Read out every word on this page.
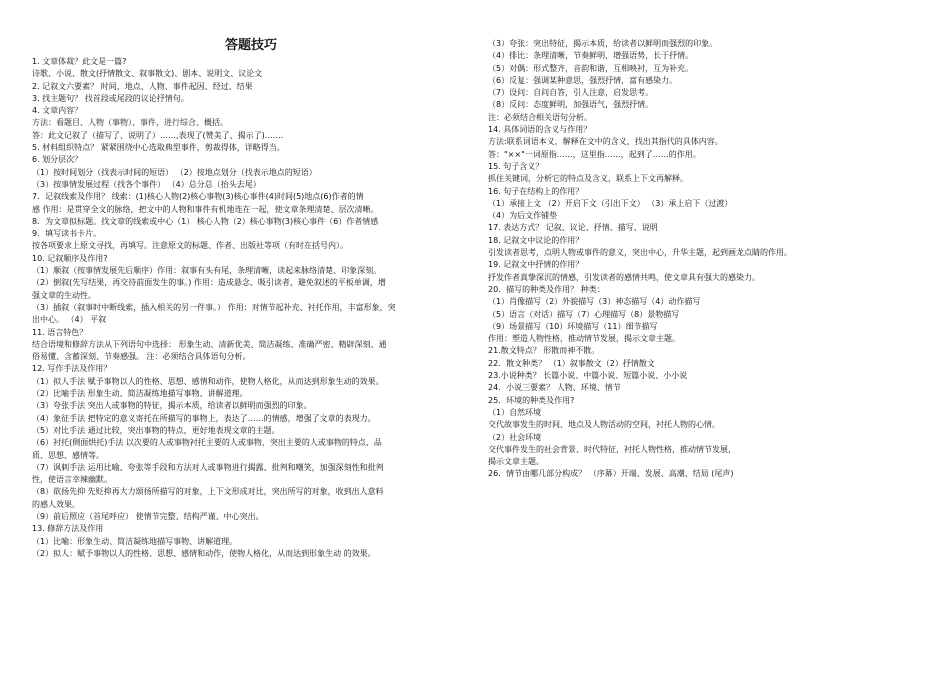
答题技巧
1. 文章体裁？此文是一篇?
诗歌、小说、散文(抒情散文、叙事散文)、剧本、说明文、议论文
2. 记叙文六要素？ 时间、地点、人物、事件起因、经过、结果
3. 找主题句？ 找首段或尾段的议论抒情句。
4. 文章内容？
方法：看题目、人物（事物）、事件，进行综合、概括。
答：此文记叙了（描写了、说明了）……,表现了(赞美了、揭示了)…….
5. 材料组织特点？ 紧紧围绕中心选取典型事件，剪裁得体，详略得当。
6. 划分层次？
（1）按时间划分（找表示时间的短语） （2）按地点划分（找表示地点的短语）
（3）按事情发展过程（找各个事件） （4）总分总（抬头去尾）
7．记叙线索及作用？ 线索：(1)核心人物(2)核心事物(3)核心事件(4)时间(5)地点(6)作者的情
感 作用：是贯穿全文的脉络，把文中的人物和事件有机地连在一起，使文章条理清楚、层次清晰。
8．为文章拟标题。找文章的线索或中心（1） 核心人物（2）核心事物(3)核心事件（6）作者情感
9．填写读书卡片。
按各项要求上原文寻找，再填写。注意原文的标题、作者、出版社等项（有时在括号内）。
10. 记叙顺序及作用?
（1）顺叙（按事情发展先后顺序）作用：叙事有头有尾，条理清晰，读起来脉络清楚、印象深刻。
（2）倒叙(先写结果，再交待前面发生的事。) 作用：造成悬念、吸引读者，避免叙述的平板单调，增
强文章的生动性。
（3）插叙（叙事时中断线索，插入相关的另一件事。） 作用：对情节起补充、衬托作用，丰富形象，突
出中心。 （4） 平叙
11. 语言特色？
结合语境和修辞方法从下列语句中选择： 形象生动、清新优美、简洁凝练、准确严密、精辟深刻、通
俗易懂、含蓄深刻、节奏感强。 注：必须结合具体语句分析。
12. 写作手法及作用？
（1）拟人手法 赋予事物以人的性格、思想、感情和动作，使物人格化，从而达到形象生动的效果。
（2）比喻手法 形象生动、简洁凝练地描写事物、讲解道理。
（3）夸张手法 突出人或事物的特征，揭示本质，给读者以鲜明而强烈的印象。
（4）象征手法 把特定的意义寄托在所描写的事物上，表达了……的情感，增强了文章的表现力。
（5）对比手法 通过比较，突出事物的特点，更好地表现文章的主题。
（6）衬托(侧面烘托)手法 以次要的人或事物衬托主要的人或事物，突出主要的人或事物的特点、品
质、思想、感情等。
（7）讽刺手法 运用比喻、夸张等手段和方法对人或事物进行揭露、批判和嘲笑，加强深刻性和批判
性，使语言幸辣幽默。
（8）欲扬先抑 先贬抑再大力颂扬所描写的对象，上下文形成对比，突出所写的对象，收到出人意料
的感人效果。
（9）前后照应（首尾呼应） 使情节完整、结构严谨、中心突出。
13. 修辞方法及作用
（1）比喻：形象生动、简洁凝练地描写事物、讲解道理。
（2）拟人：赋予事物以人的性格、思想、感情和动作，使物人格化，从而达到形象生动 的效果。
（3）夸张：突出特征，揭示本质，给读者以鲜明而强烈的印象。
（4）排比：条理清晰，节奏鲜明，增强语势，长于抒情。
（5）对偶：形式整齐，音韵和谐，互相映衬，互为补充。
（6）反复：强调某种意思，强烈抒情，富有感染力。
（7）设问：自问自答，引人注意，启发思考。
（8）反问：态度鲜明，加强语气，强烈抒情。
注：必须结合相关语句分析。
14. 具体词语的含义与作用？
方法:联系词语本义，解释在文中的含义，找出其指代的具体内容。
答："××"一词原指……，这里指……，起到了……的作用。
15. 句子含义？
抓住关键词，分析它的特点及含义，联系上下文再解释。
16. 句子在结构上的作用？
（1）承接上文 （2）开启下文（引出下文） （3）承上启下（过渡）
（4）为后文作铺垫
17. 表达方式？ 记叙、议论、抒情、描写、说明
18. 记叙文中议论的作用？
引发读者思考，点明人物或事件的意义，突出中心，升华主题，起到画龙点睛的作用。
19. 记叙文中抒情的作用？
抒发作者真挚深沉的情感，引发读者的感情共鸣，使文章具有强大的感染力。
20．描写的种类及作用？ 种类：
（1）肖像描写（2）外貌描写（3）神态描写（4）动作描写
（5）语言（对话）描写（7）心理描写（8）景物描写
（9）场景描写（10）环境描写（11）细节描写
作用：塑造人物性格，推动情节发展，揭示文章主题。
21.散文特点？ 形散而神不散。
22．散文种类？ （1）叙事散文（2）抒情散文
23.小说种类？ 长篇小说、中篇小说、短篇小说、小小说
24．小说三要素？ 人物、环境、情节
25．环境的种类及作用?
（1）自然环境
交代故事发生的时间、地点及人物活动的空间，衬托人物的心情。
（2）社会环境
交代事件发生的社会背景、时代特征，衬托人物性格，推动情节发展，
揭示文章主题。
26．情节由哪几部分构成？ （序幕）开端、发展、高潮、结局 (尾声)
